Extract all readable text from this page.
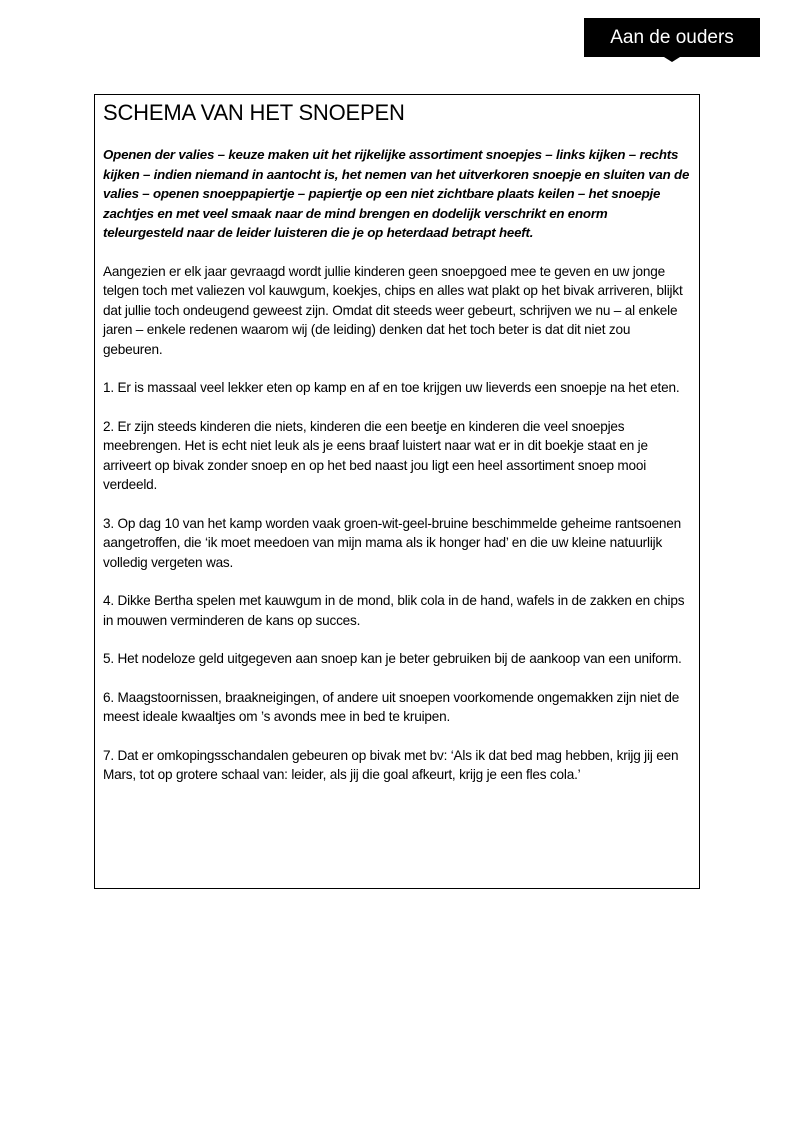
Aan de ouders
SCHEMA VAN HET SNOEPEN

Openen der valies – keuze maken uit het rijkelijke assortiment snoepjes – links kijken – rechts kijken – indien niemand in aantocht is, het nemen van het uitverkoren snoepje en sluiten van de valies – openen snoeppapiertje – papiertje op een niet zichtbare plaats keilen – het snoepje zachtjes en met veel smaak naar de mind brengen en dodelijk verschrikt en enorm teleurgesteld naar de leider luisteren die je op heterdaad betrapt heeft.

Aangezien er elk jaar gevraagd wordt jullie kinderen geen snoepgoed mee te geven en uw jonge telgen toch met valiezen vol kauwgum, koekjes, chips en alles wat plakt op het bivak arriveren, blijkt dat jullie toch ondeugend geweest zijn. Omdat dit steeds weer gebeurt, schrijven we nu – al enkele jaren – enkele redenen waarom wij (de leiding) denken dat het toch beter is dat dit niet zou gebeuren.

1. Er is massaal veel lekker eten op kamp en af en toe krijgen uw lieverds een snoepje na het eten.

2. Er zijn steeds kinderen die niets, kinderen die een beetje en kinderen die veel snoepjes meebrengen. Het is echt niet leuk als je eens braaf luistert naar wat er in dit boekje staat en je arriveert op bivak zonder snoep en op het bed naast jou ligt een heel assortiment snoep mooi verdeeld.

3. Op dag 10 van het kamp worden vaak groen-wit-geel-bruine beschimmelde geheime rantsoenen aangetroffen, die ‘ik moet meedoen van mijn mama als ik honger had’ en die uw kleine natuurlijk volledig vergeten was.

4. Dikke Bertha spelen met kauwgum in de mond, blik cola in de hand, wafels in de zakken en chips in mouwen verminderen de kans op succes.

5. Het nodeloze geld uitgegeven aan snoep kan je beter gebruiken bij de aankoop van een uniform.

6. Maagstoornissen, braakneigingen, of andere uit snoepen voorkomende ongemakken zijn niet de meest ideale kwaaltjes om ’s avonds mee in bed te kruipen.

7. Dat er omkopingsschandalen gebeuren op bivak met bv: ‘Als ik dat bed mag hebben, krijg jij een Mars, tot op grotere schaal van: leider, als jij die goal afkeurt, krijg je een fles cola.’
